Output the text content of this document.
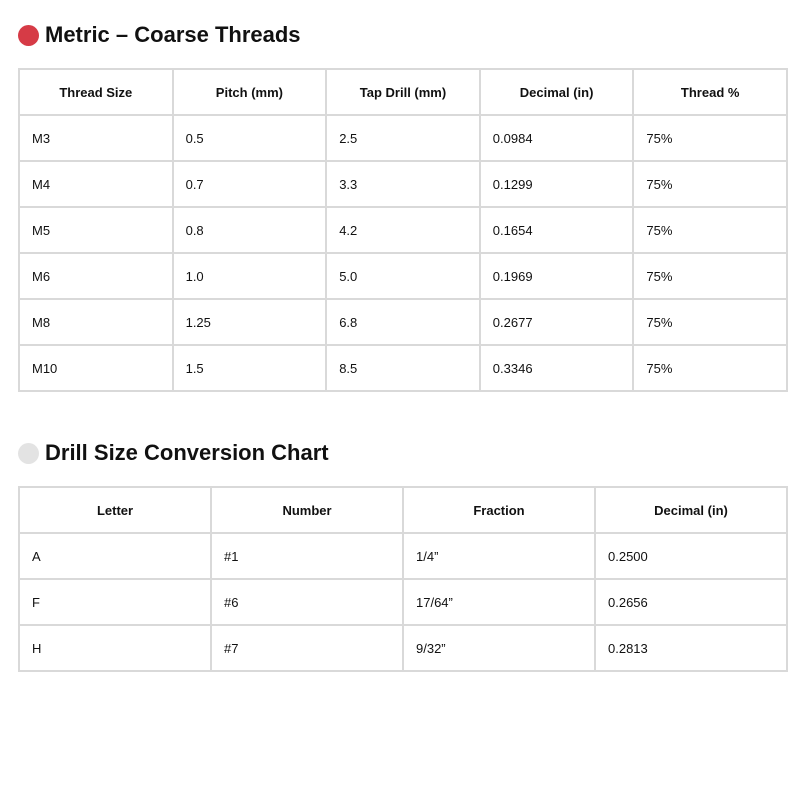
Metric – Coarse Threads
Thread Size	Pitch (mm)	Tap Drill (mm)	Decimal (in)	Thread %
M3	0.5	2.5	0.0984	75%
M4	0.7	3.3	0.1299	75%
M5	0.8	4.2	0.1654	75%
M6	1.0	5.0	0.1969	75%
M8	1.25	6.8	0.2677	75%
M10	1.5	8.5	0.3346	75%
Drill Size Conversion Chart
Letter	Number	Fraction	Decimal (in)
A	#1	1/4”	0.2500
F	#6	17/64”	0.2656
H	#7	9/32”	0.2813
